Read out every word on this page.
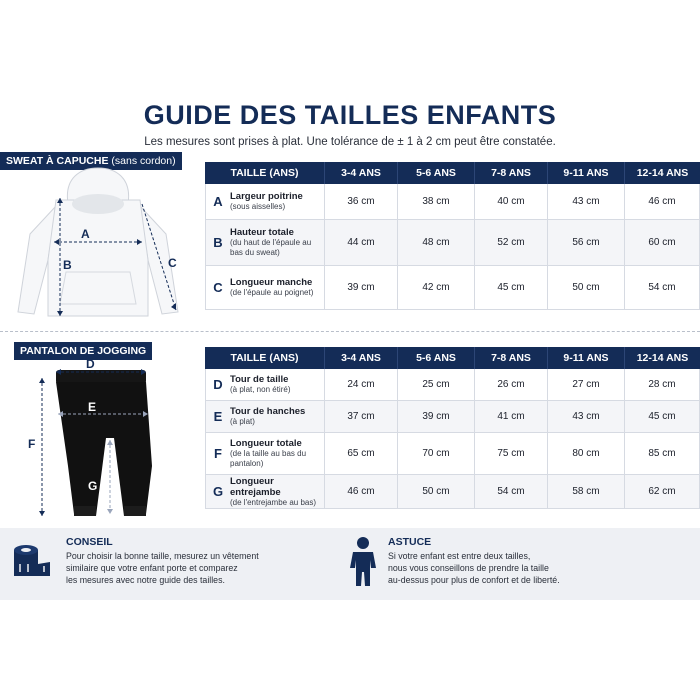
GUIDE DES TAILLES ENFANTS
Les mesures sont prises à plat. Une tolérance de ± 1 à 2 cm peut être constatée.
SWEAT À CAPUCHE (sans cordon)
A
B	C
TAILLE (ANS)	3-4 ANS	5-6 ANS	7-8 ANS	9-11 ANS	12-14 ANS

A Largeur poitrine
(sous aisselles)	36 cm	38 cm	40 cm	43 cm	46 cm

B
Hauteur totale
(du haut de l'épaule au bas du sweat)	44 cm	48 cm	52 cm	56 cm	60 cm

C Longueur manche
(de l'épaule au poignet)	39 cm	42 cm	45 cm	50 cm	54 cm
PANTALON DE JOGGING
D
E
F
G
TAILLE (ANS)	3-4 ANS	5-6 ANS	7-8 ANS	9-11 ANS	12-14 ANS

D Tour de taille
(à plat, non étiré)	24 cm	25 cm	26 cm	27 cm	28 cm

E Tour de hanches
(à plat)	37 cm	39 cm	41 cm	43 cm	45 cm

F
Longueur totale
(de la taille au bas du pantalon)	65 cm	70 cm	75 cm	80 cm	85 cm

G
Longueur entrejambe
(de l'entrejambe au bas)	46 cm	50 cm	54 cm	58 cm	62 cm
CONSEIL
Pour choisir la bonne taille, mesurez un vêtement
similaire que votre enfant porte et comparez
les mesures avec notre guide des tailles.
ASTUCE
Si votre enfant est entre deux tailles,
nous vous conseillons de prendre la taille
au-dessus pour plus de confort et de liberté.
